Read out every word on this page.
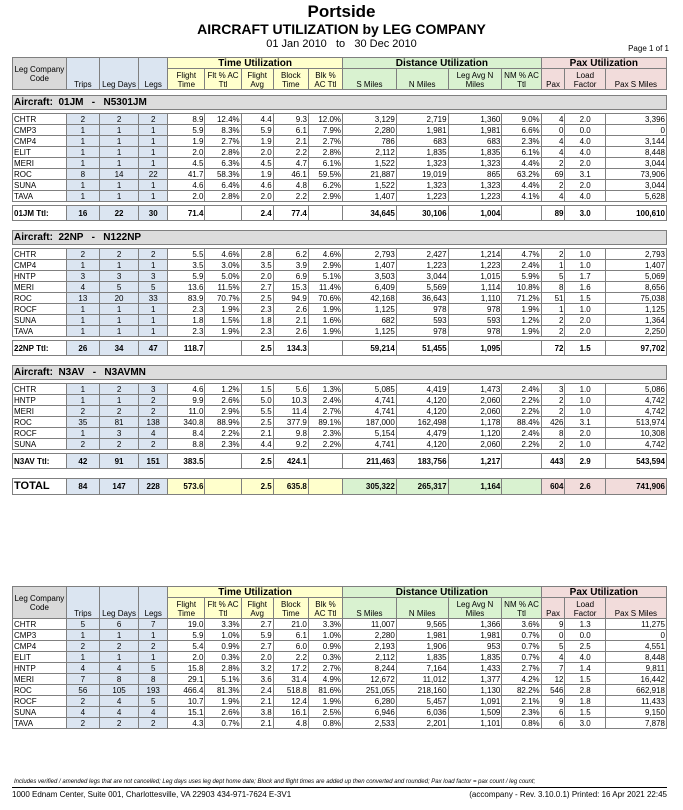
Portside
AIRCRAFT UTILIZATION by LEG COMPANY
01 Jan 2010 to 30 Dec 2010	Page 1 of 1
Leg Company Code	Trips	Leg Days	Legs	Time Utilization					Distance Utilization				Pax Utilization		
				Flight Time	Flt % AC Ttl	Flight Avg	Block Time	Blk % AC Ttl	S Miles	N Miles	Leg Avg N Miles	NM % AC Ttl	Pax	Load Factor	Pax S Miles

Aircraft:  01JM   -   N5301JM															

CHTR	2	2	2	8.9	12.4%	4.4	9.3	12.0%	3,129	2,719	1,360	9.0%	4	2.0	3,396
CMP3	1	1	1	5.9	8.3%	5.9	6.1	7.9%	2,280	1,981	1,981	6.6%	0	0.0	0
CMP4	1	1	1	1.9	2.7%	1.9	2.1	2.7%	786	683	683	2.3%	4	4.0	3,144
ELIT	1	1	1	2.0	2.8%	2.0	2.2	2.8%	2,112	1,835	1,835	6.1%	4	4.0	8,448
MERI	1	1	1	4.5	6.3%	4.5	4.7	6.1%	1,522	1,323	1,323	4.4%	2	2.0	3,044
ROC	8	14	22	41.7	58.3%	1.9	46.1	59.5%	21,887	19,019	865	63.2%	69	3.1	73,906
SUNA	1	1	1	4.6	6.4%	4.6	4.8	6.2%	1,522	1,323	1,323	4.4%	2	2.0	3,044
TAVA	1	1	1	2.0	2.8%	2.0	2.2	2.9%	1,407	1,223	1,223	4.1%	4	4.0	5,628

01JM Ttl:	16	22	30	71.4		2.4	77.4		34,645	30,106	1,004		89	3.0	100,610

Aircraft:  22NP   -   N122NP															

CHTR	2	2	2	5.5	4.6%	2.8	6.2	4.6%	2,793	2,427	1,214	4.7%	2	1.0	2,793
CMP4	1	1	1	3.5	3.0%	3.5	3.9	2.9%	1,407	1,223	1,223	2.4%	1	1.0	1,407
HNTP	3	3	3	5.9	5.0%	2.0	6.9	5.1%	3,503	3,044	1,015	5.9%	5	1.7	5,069
MERI	4	5	5	13.6	11.5%	2.7	15.3	11.4%	6,409	5,569	1,114	10.8%	8	1.6	8,656
ROC	13	20	33	83.9	70.7%	2.5	94.9	70.6%	42,168	36,643	1,110	71.2%	51	1.5	75,038
ROCF	1	1	1	2.3	1.9%	2.3	2.6	1.9%	1,125	978	978	1.9%	1	1.0	1,125
SUNA	1	1	1	1.8	1.5%	1.8	2.1	1.6%	682	593	593	1.2%	2	2.0	1,364
TAVA	1	1	1	2.3	1.9%	2.3	2.6	1.9%	1,125	978	978	1.9%	2	2.0	2,250

22NP Ttl:	26	34	47	118.7		2.5	134.3		59,214	51,455	1,095		72	1.5	97,702

Aircraft:  N3AV   -   N3AVMN															

CHTR	1	2	3	4.6	1.2%	1.5	5.6	1.3%	5,085	4,419	1,473	2.4%	3	1.0	5,086
HNTP	1	1	2	9.9	2.6%	5.0	10.3	2.4%	4,741	4,120	2,060	2.2%	2	1.0	4,742
MERI	2	2	2	11.0	2.9%	5.5	11.4	2.7%	4,741	4,120	2,060	2.2%	2	1.0	4,742
ROC	35	81	138	340.8	88.9%	2.5	377.9	89.1%	187,000	162,498	1,178	88.4%	426	3.1	513,974
ROCF	1	3	4	8.4	2.2%	2.1	9.8	2.3%	5,154	4,479	1,120	2.4%	8	2.0	10,308
SUNA	2	2	2	8.8	2.3%	4.4	9.2	2.2%	4,741	4,120	2,060	2.2%	2	1.0	4,742

N3AV Ttl:	42	91	151	383.5		2.5	424.1		211,463	183,756	1,217		443	2.9	543,594

TOTAL	84	147	228	573.6		2.5	635.8		305,322	265,317	1,164		604	2.6	741,906
Leg Company Code	Trips	Leg Days	Legs	Time Utilization					Distance Utilization				Pax Utilization		
				Flight Time	Flt % AC Ttl	Flight Avg	Block Time	Blk % AC Ttl	S Miles	N Miles	Leg Avg N Miles	NM % AC Ttl	Pax	Load Factor	Pax S Miles
CHTR	5	6	7	19.0	3.3%	2.7	21.0	3.3%	11,007	9,565	1,366	3.6%	9	1.3	11,275
CMP3	1	1	1	5.9	1.0%	5.9	6.1	1.0%	2,280	1,981	1,981	0.7%	0	0.0	0
CMP4	2	2	2	5.4	0.9%	2.7	6.0	0.9%	2,193	1,906	953	0.7%	5	2.5	4,551
ELIT	1	1	1	2.0	0.3%	2.0	2.2	0.3%	2,112	1,835	1,835	0.7%	4	4.0	8,448
HNTP	4	4	5	15.8	2.8%	3.2	17.2	2.7%	8,244	7,164	1,433	2.7%	7	1.4	9,811
MERI	7	8	8	29.1	5.1%	3.6	31.4	4.9%	12,672	11,012	1,377	4.2%	12	1.5	16,442
ROC	56	105	193	466.4	81.3%	2.4	518.8	81.6%	251,055	218,160	1,130	82.2%	546	2.8	662,918
ROCF	2	4	5	10.7	1.9%	2.1	12.4	1.9%	6,280	5,457	1,091	2.1%	9	1.8	11,433
SUNA	4	4	4	15.1	2.6%	3.8	16.1	2.5%	6,946	6,036	1,509	2.3%	6	1.5	9,150
TAVA	2	2	2	4.3	0.7%	2.1	4.8	0.8%	2,533	2,201	1,101	0.8%	6	3.0	7,878
Includes verified / amended legs that are not cancelled; Leg days uses leg dept home date; Block and flight times are added up then converted and rounded; Pax load factor = pax count / leg count;
1000 Ednam Center, Suite 001, Charlottesville, VA 22903 434-971-7624 E-3V1	(accompany - Rev. 3.10.0.1) Printed: 16 Apr 2021 22:45
